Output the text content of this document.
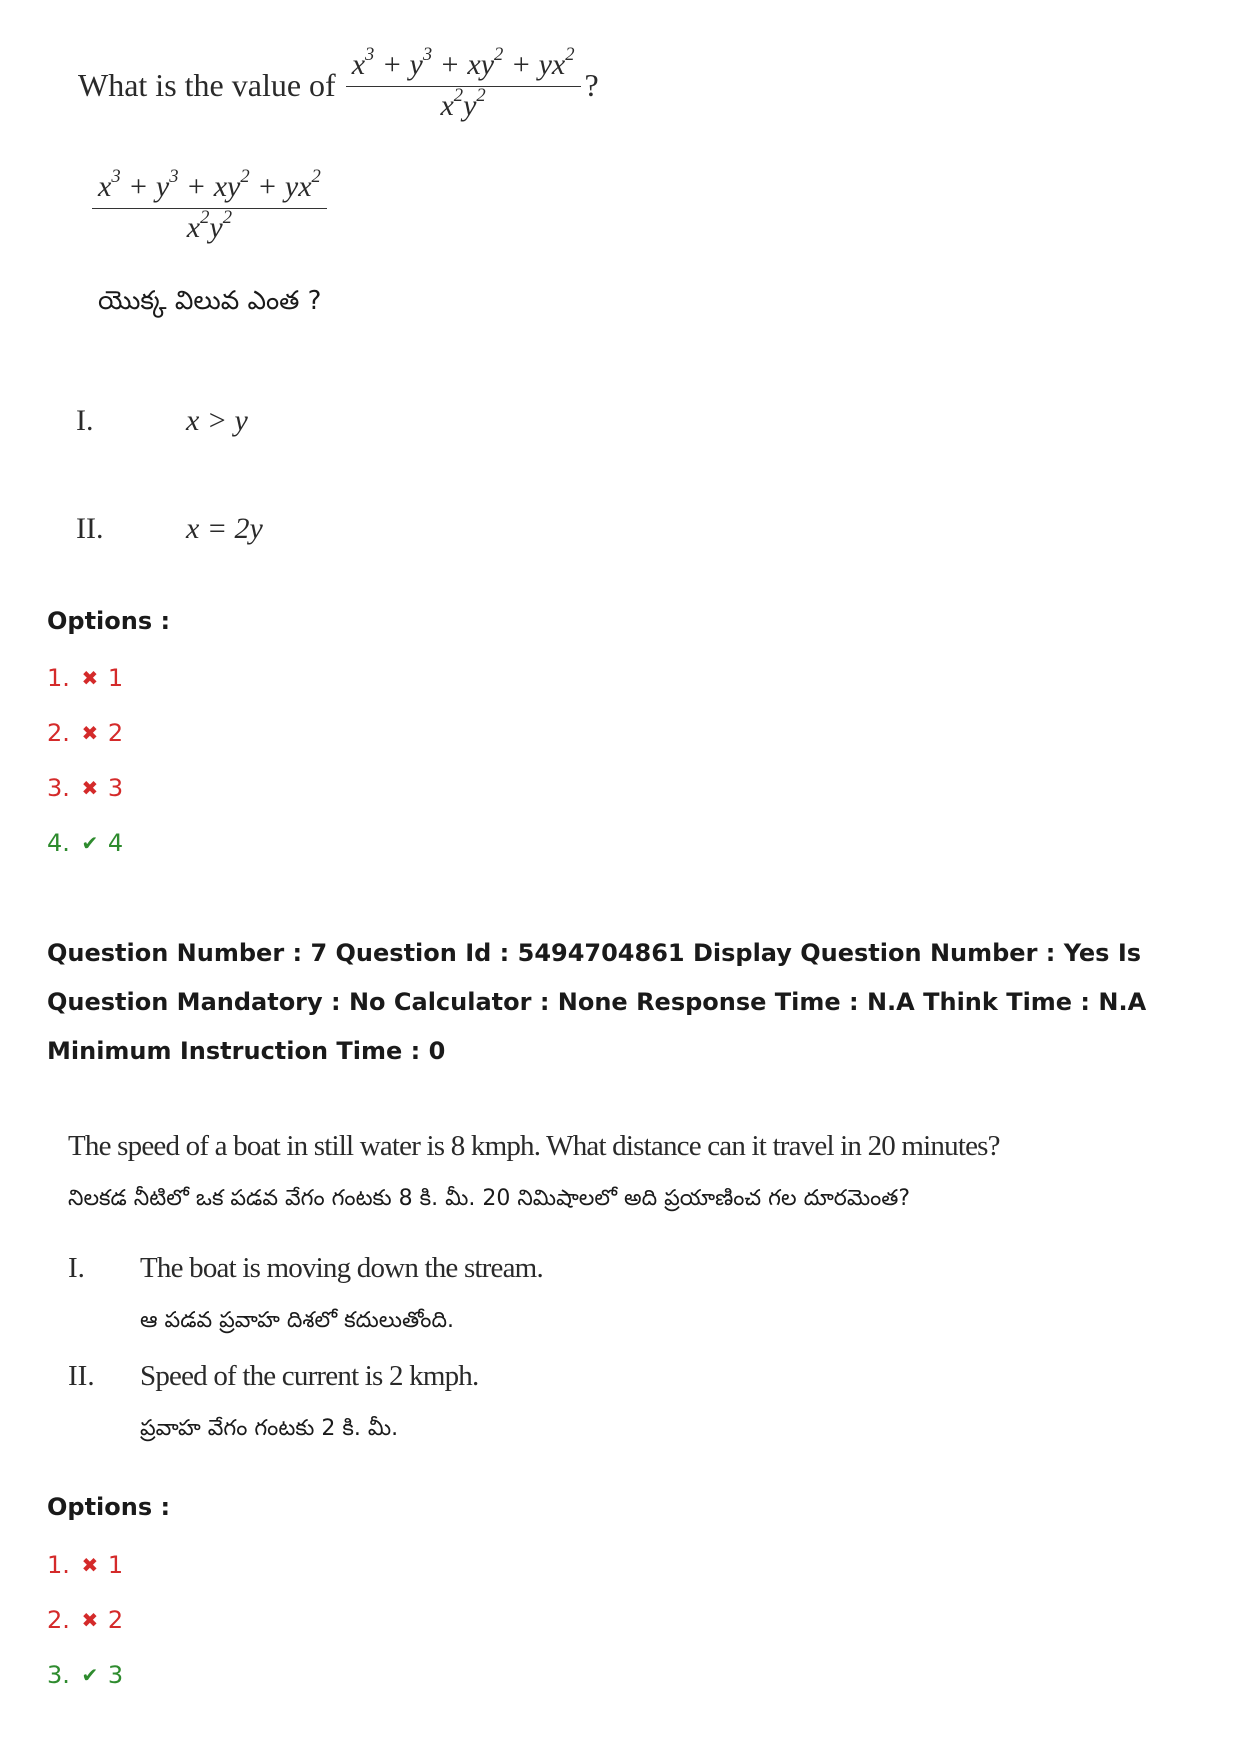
What is the value of $\frac{x^3 + y^3 + xy^2 + yx^2}{x^2y^2}$ ?
$\frac{x^3 + y^3 + xy^2 + yx^2}{x^2y^2}$
యొక్క విలువ ఎంత ?
I.	x > y
II.	x = 2y
Options :
1. ✖ 1
2. ✖ 2
3. ✖ 3
4. ✔ 4
Question Number : 7 Question Id : 5494704861 Display Question Number : Yes Is Question Mandatory : No Calculator : None Response Time : N.A Think Time : N.A Minimum Instruction Time : 0
The speed of a boat in still water is 8 kmph. What distance can it travel in 20 minutes?
నిలకడ నీటిలో ఒక పడవ వేగం గంటకు 8 కి. మీ. 20 నిమిషాలలో అది ప్రయాణించ గల దూరమెంత?
I. The boat is moving down the stream.
ఆ పడవ ప్రవాహ దిశలో కదులుతోంది.
II. Speed of the current is 2 kmph.
ప్రవాహ వేగం గంటకు 2 కి. మీ.
Options :
1. ✖ 1
2. ✖ 2
3. ✔ 3
